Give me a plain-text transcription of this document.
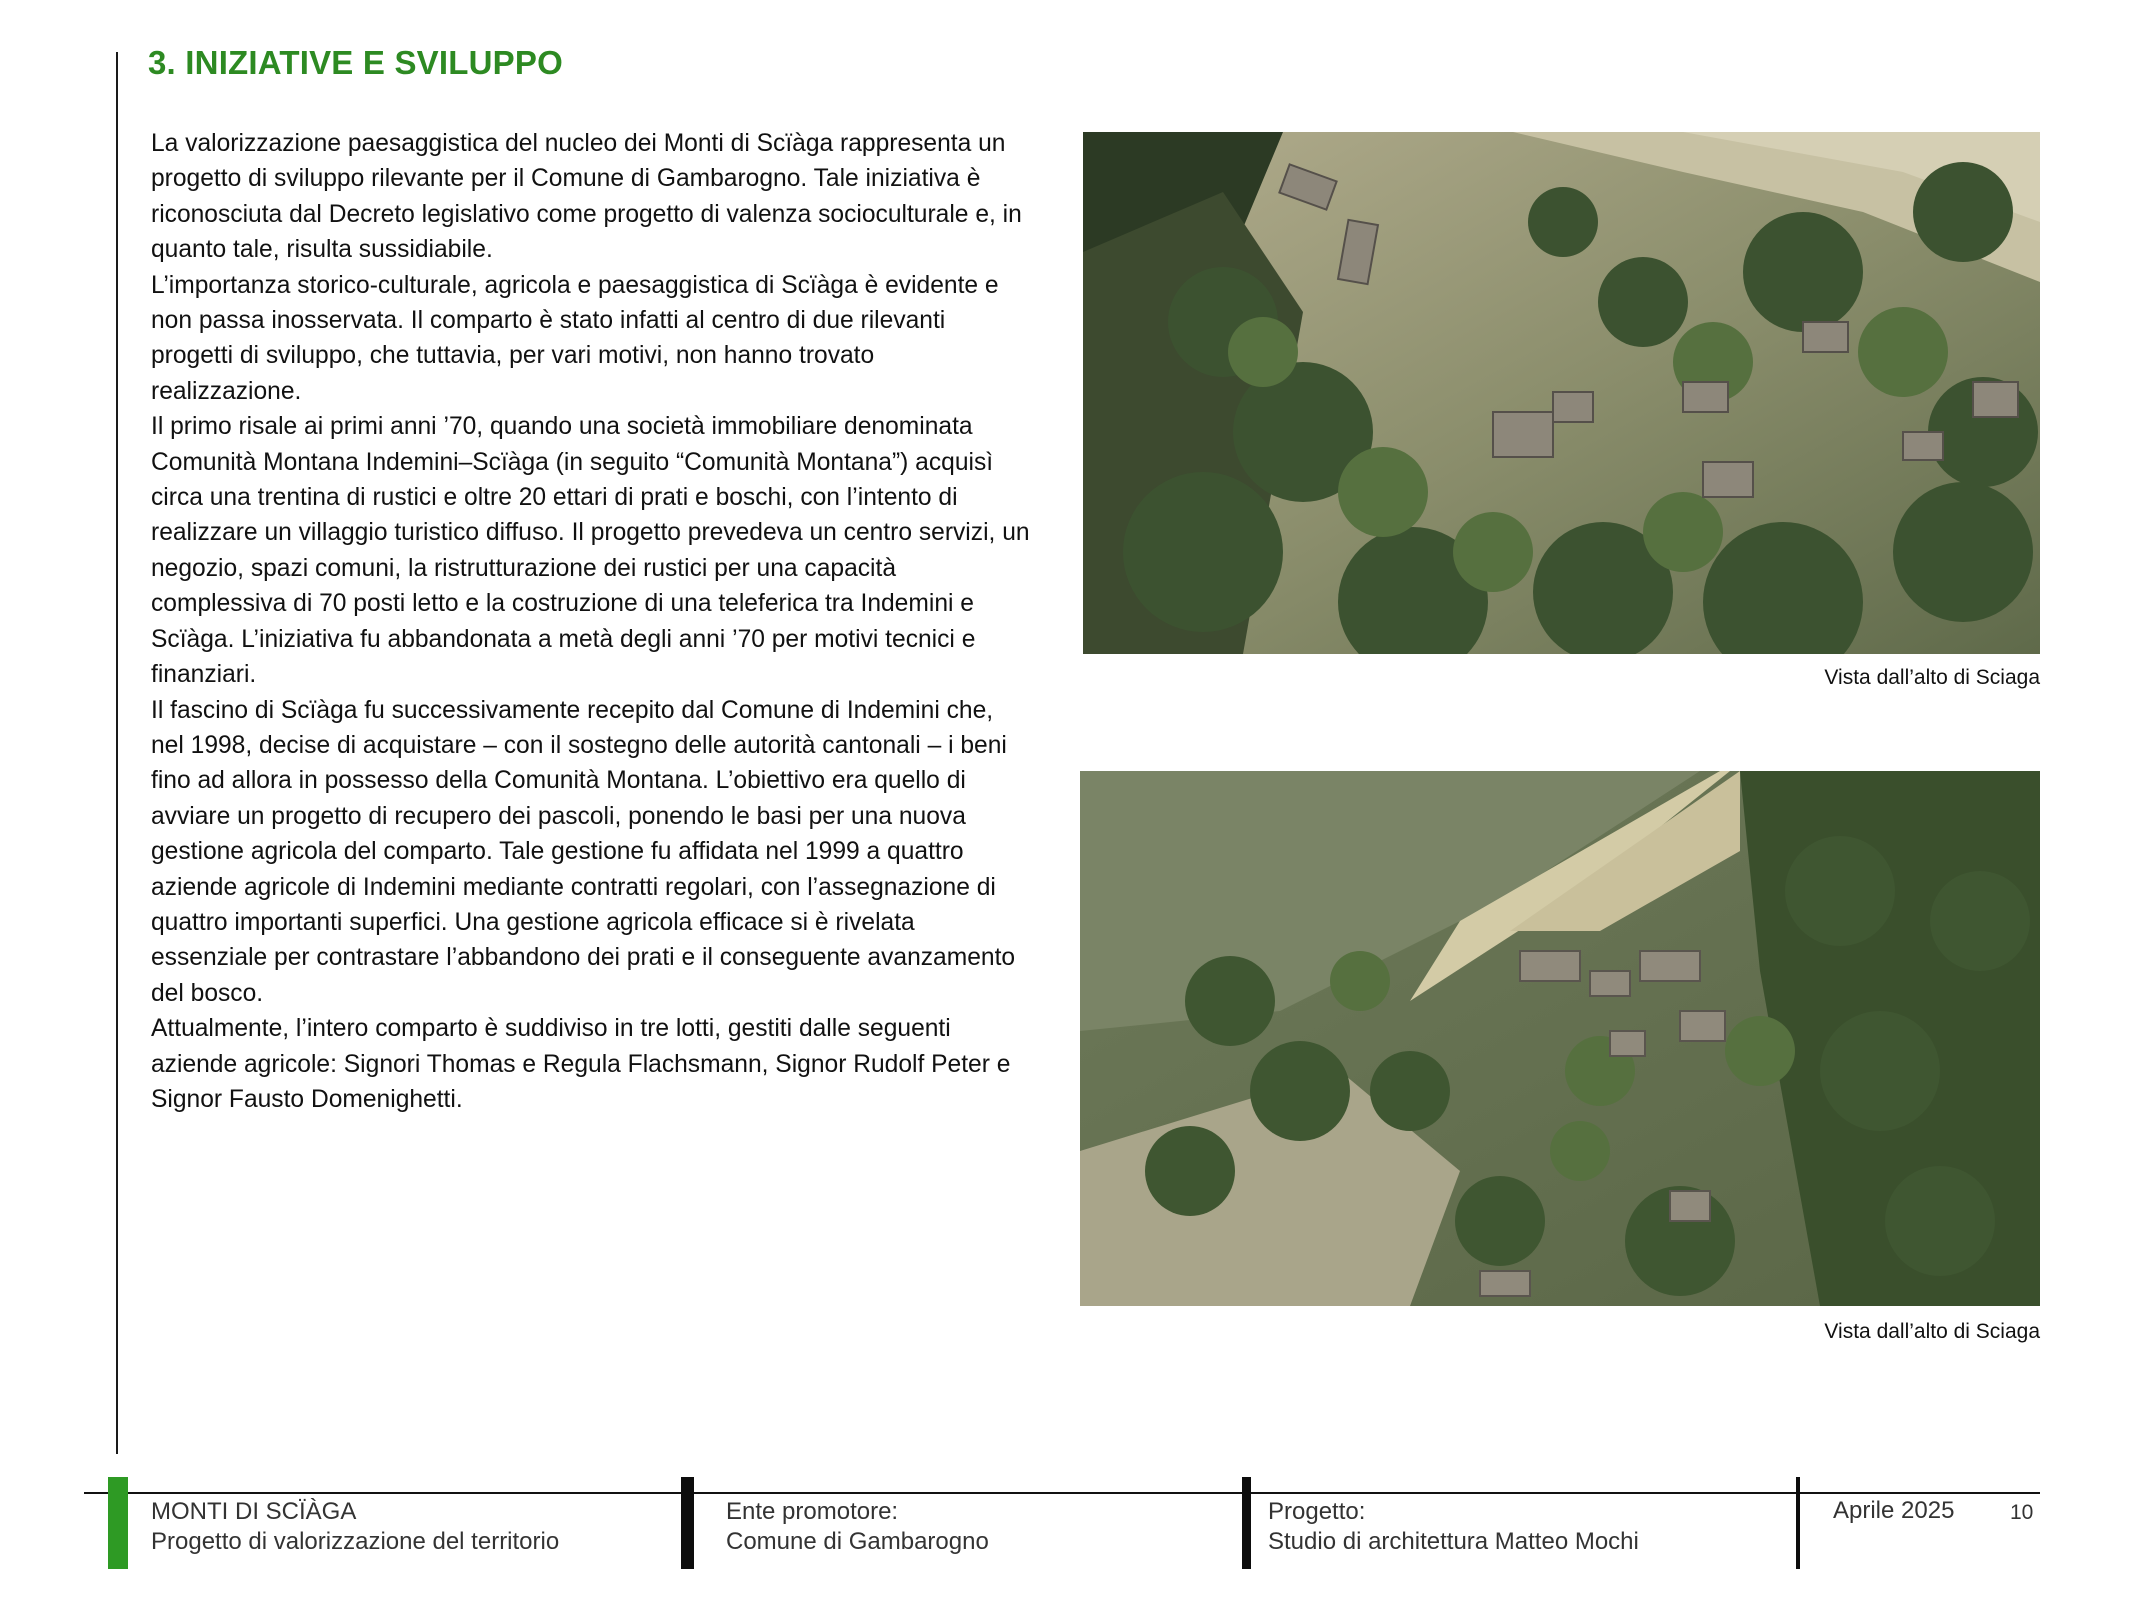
3. INIZIATIVE E SVILUPPO

La valorizzazione paesaggistica del nucleo dei Monti di Scïàga rappresenta un progetto di sviluppo rilevante per il Comune di Gambarogno. Tale iniziativa è riconosciuta dal Decreto legislativo come progetto di valenza socioculturale e, in quanto tale, risulta sussidiabile.

L’importanza storico-culturale, agricola e paesaggistica di Scïàga è evidente e non passa inosservata. Il comparto è stato infatti al centro di due rilevanti progetti di sviluppo, che tuttavia, per vari motivi, non hanno trovato realizzazione.

Il primo risale ai primi anni ’70, quando una società immobiliare denominata Comunità Montana Indemini–Scïàga (in seguito “Comunità Montana”) acquisì circa una trentina di rustici e oltre 20 ettari di prati e boschi, con l’intento di realizzare un villaggio turistico diffuso. Il progetto prevedeva un centro servizi, un negozio, spazi comuni, la ristrutturazione dei rustici per una capacità complessiva di 70 posti letto e la costruzione di una teleferica tra Indemini e Scïàga. L’iniziativa fu abbandonata a metà degli anni ’70 per motivi tecnici e finanziari.

Il fascino di Scïàga fu successivamente recepito dal Comune di Indemini che, nel 1998, decise di acquistare – con il sostegno delle autorità cantonali – i beni fino ad allora in possesso della Comunità Montana. L’obiettivo era quello di avviare un progetto di recupero dei pascoli, ponendo le basi per una nuova gestione agricola del comparto. Tale gestione fu affidata nel 1999 a quattro aziende agricole di Indemini mediante contratti regolari, con l’assegnazione di quattro importanti superfici. Una gestione agricola efficace si è rivelata essenziale per contrastare l’abbandono dei prati e il conseguente avanzamento del bosco.

Attualmente, l’intero comparto è suddiviso in tre lotti, gestiti dalle seguenti aziende agricole: Signori Thomas e Regula Flachsmann, Signor Rudolf Peter e Signor Fausto Domenighetti.

Vista dall’alto di Sciaga
Vista dall’alto di Sciaga
MONTI DI SCÏÀGA
Progetto di valorizzazione del territorio
Ente promotore:
Comune di Gambarogno
Progetto:
Studio di architettura Matteo Mochi
Aprile 2025	10
